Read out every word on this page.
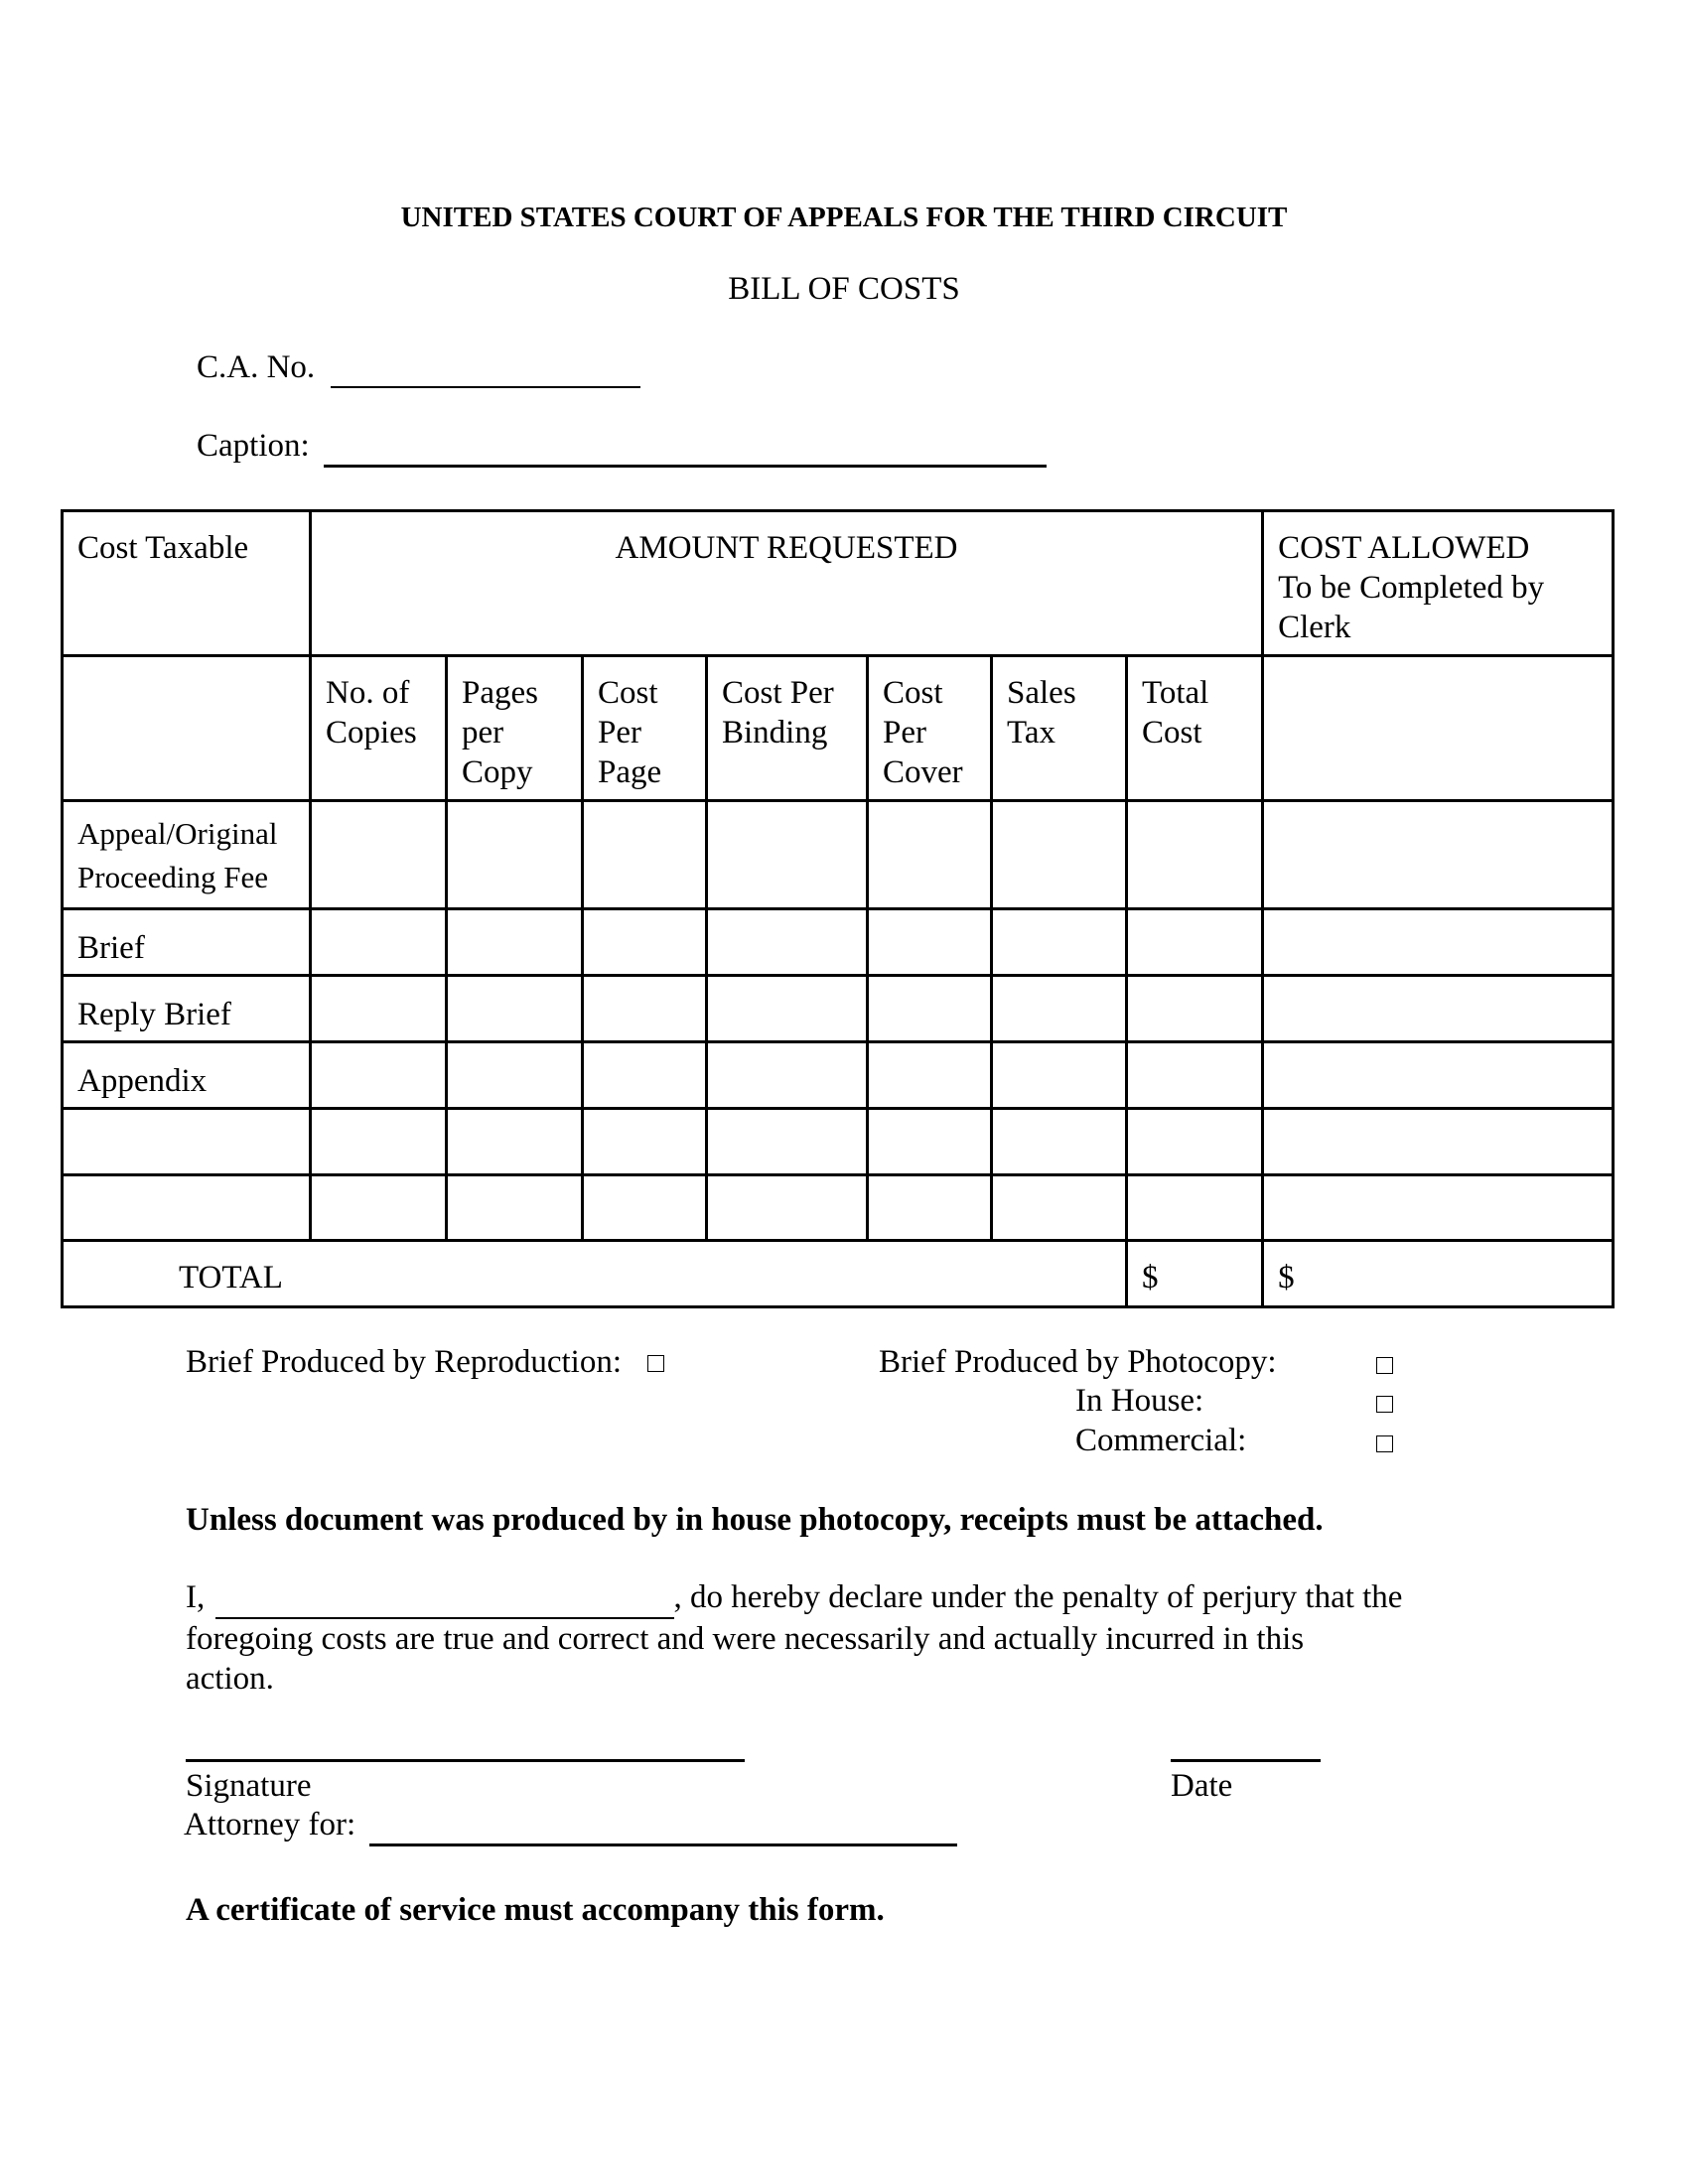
UNITED STATES COURT OF APPEALS FOR THE THIRD CIRCUIT
BILL OF COSTS
C.A. No.
Caption:
Cost Taxable	AMOUNT REQUESTED							COST ALLOWED
To be Completed by Clerk

	No. of Copies	Pages per Copy	Cost Per Page	Cost Per Binding	Cost Per Cover	Sales Tax	Total Cost	
Appeal/Original Proceeding Fee								
Brief								
Reply Brief								
Appendix								

TOTAL							$	$
Brief Produced by Reproduction:	Brief Produced by Photocopy:
In House:
Commercial:
Unless document was produced by in house photocopy, receipts must be attached.
I,	, do hereby declare under the penalty of perjury that the
foregoing costs are true and correct and were necessarily and actually incurred in this
action.
Signature	Date
Attorney for:
A certificate of service must accompany this form.
